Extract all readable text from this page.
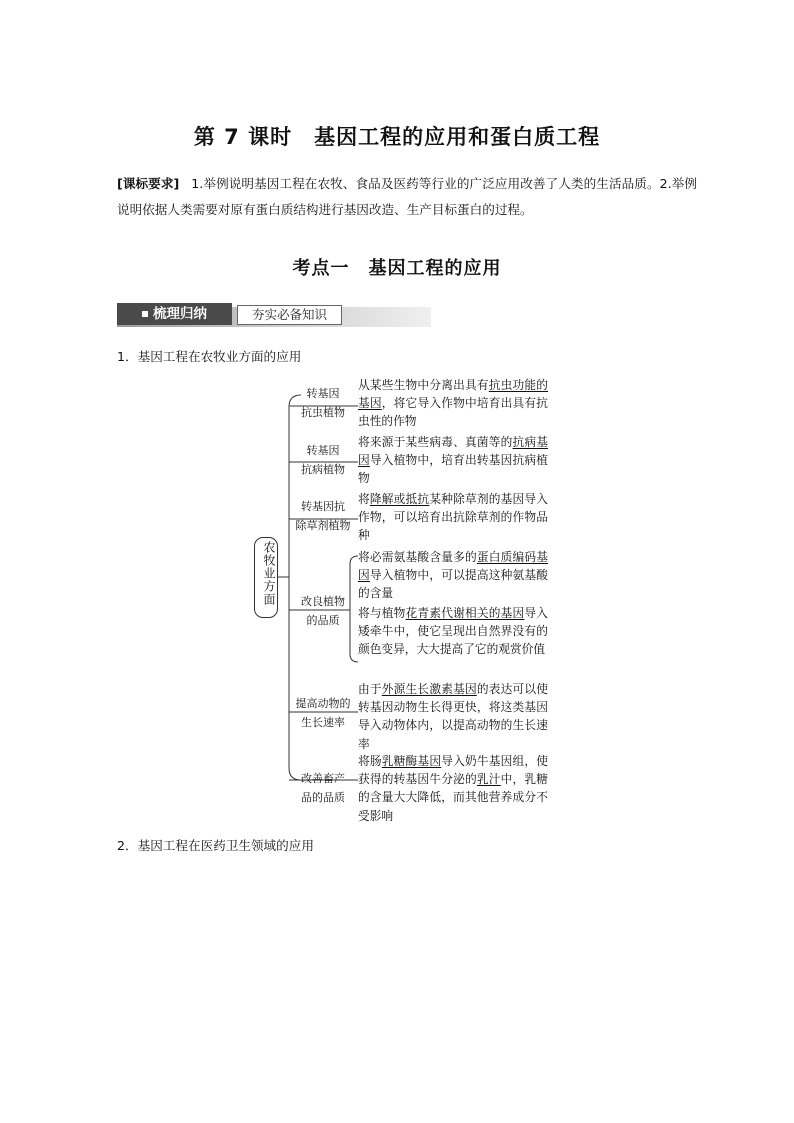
第 7 课时　基因工程的应用和蛋白质工程
[课标要求] 1.举例说明基因工程在农牧、食品及医药等行业的广泛应用改善了人类的生活品质。2.举例说明依据人类需要对原有蛋白质结构进行基因改造、生产目标蛋白的过程。
考点一　基因工程的应用
梳理归纳	夯实必备知识
1．基因工程在农牧业方面的应用
农牧业方面
转基因
抗虫植物
转基因
抗病植物
转基因抗
除草剂植物
改良植物
的品质
提高动物的
生长速率
改善畜产
品的品质
从某些生物中分离出具有抗虫功能的基因，将它导入作物中培育出具有抗虫性的作物
将来源于某些病毒、真菌等的抗病基因导入植物中，培育出转基因抗病植物
将降解或抵抗某种除草剂的基因导入作物，可以培育出抗除草剂的作物品种
将必需氨基酸含量多的蛋白质编码基因导入植物中，可以提高这种氨基酸的含量
将与植物花青素代谢相关的基因导入矮牵牛中，使它呈现出自然界没有的颜色变异，大大提高了它的观赏价值
由于外源生长激素基因的表达可以使转基因动物生长得更快，将这类基因导入动物体内，以提高动物的生长速率
将肠乳糖酶基因导入奶牛基因组，使获得的转基因牛分泌的乳汁中，乳糖的含量大大降低，而其他营养成分不受影响
2．基因工程在医药卫生领域的应用
